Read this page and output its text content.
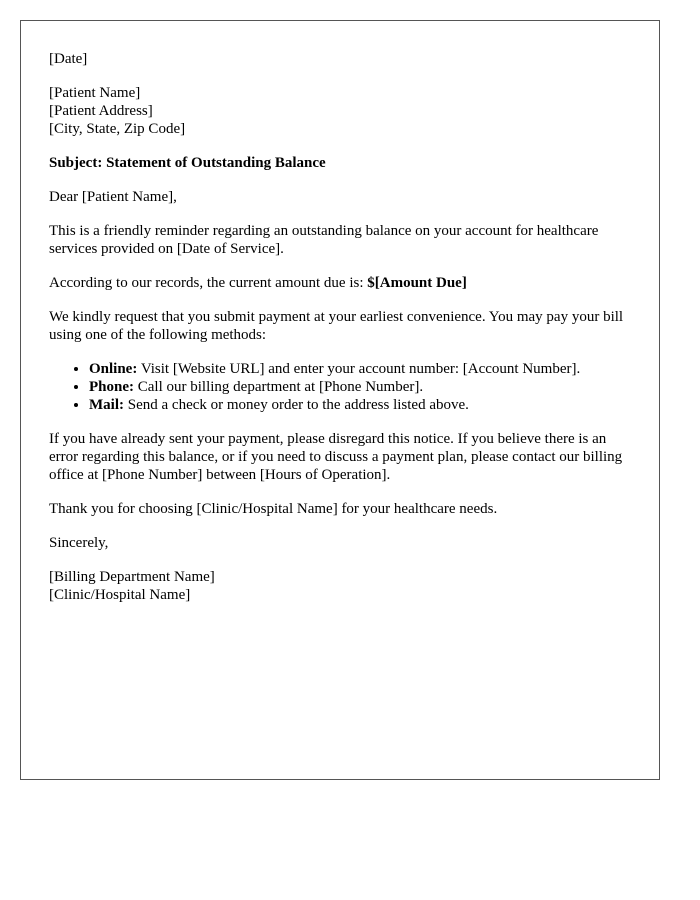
[Date]

[Patient Name]
[Patient Address]
[City, State, Zip Code]

Subject: Statement of Outstanding Balance

Dear [Patient Name],

This is a friendly reminder regarding an outstanding balance on your account for healthcare services provided on [Date of Service].

According to our records, the current amount due is: $[Amount Due]

We kindly request that you submit payment at your earliest convenience. You may pay your bill using one of the following methods:

• Online: Visit [Website URL] and enter your account number: [Account Number].
• Phone: Call our billing department at [Phone Number].
• Mail: Send a check or money order to the address listed above.

If you have already sent your payment, please disregard this notice. If you believe there is an error regarding this balance, or if you need to discuss a payment plan, please contact our billing office at [Phone Number] between [Hours of Operation].

Thank you for choosing [Clinic/Hospital Name] for your healthcare needs.

Sincerely,

[Billing Department Name]
[Clinic/Hospital Name]
